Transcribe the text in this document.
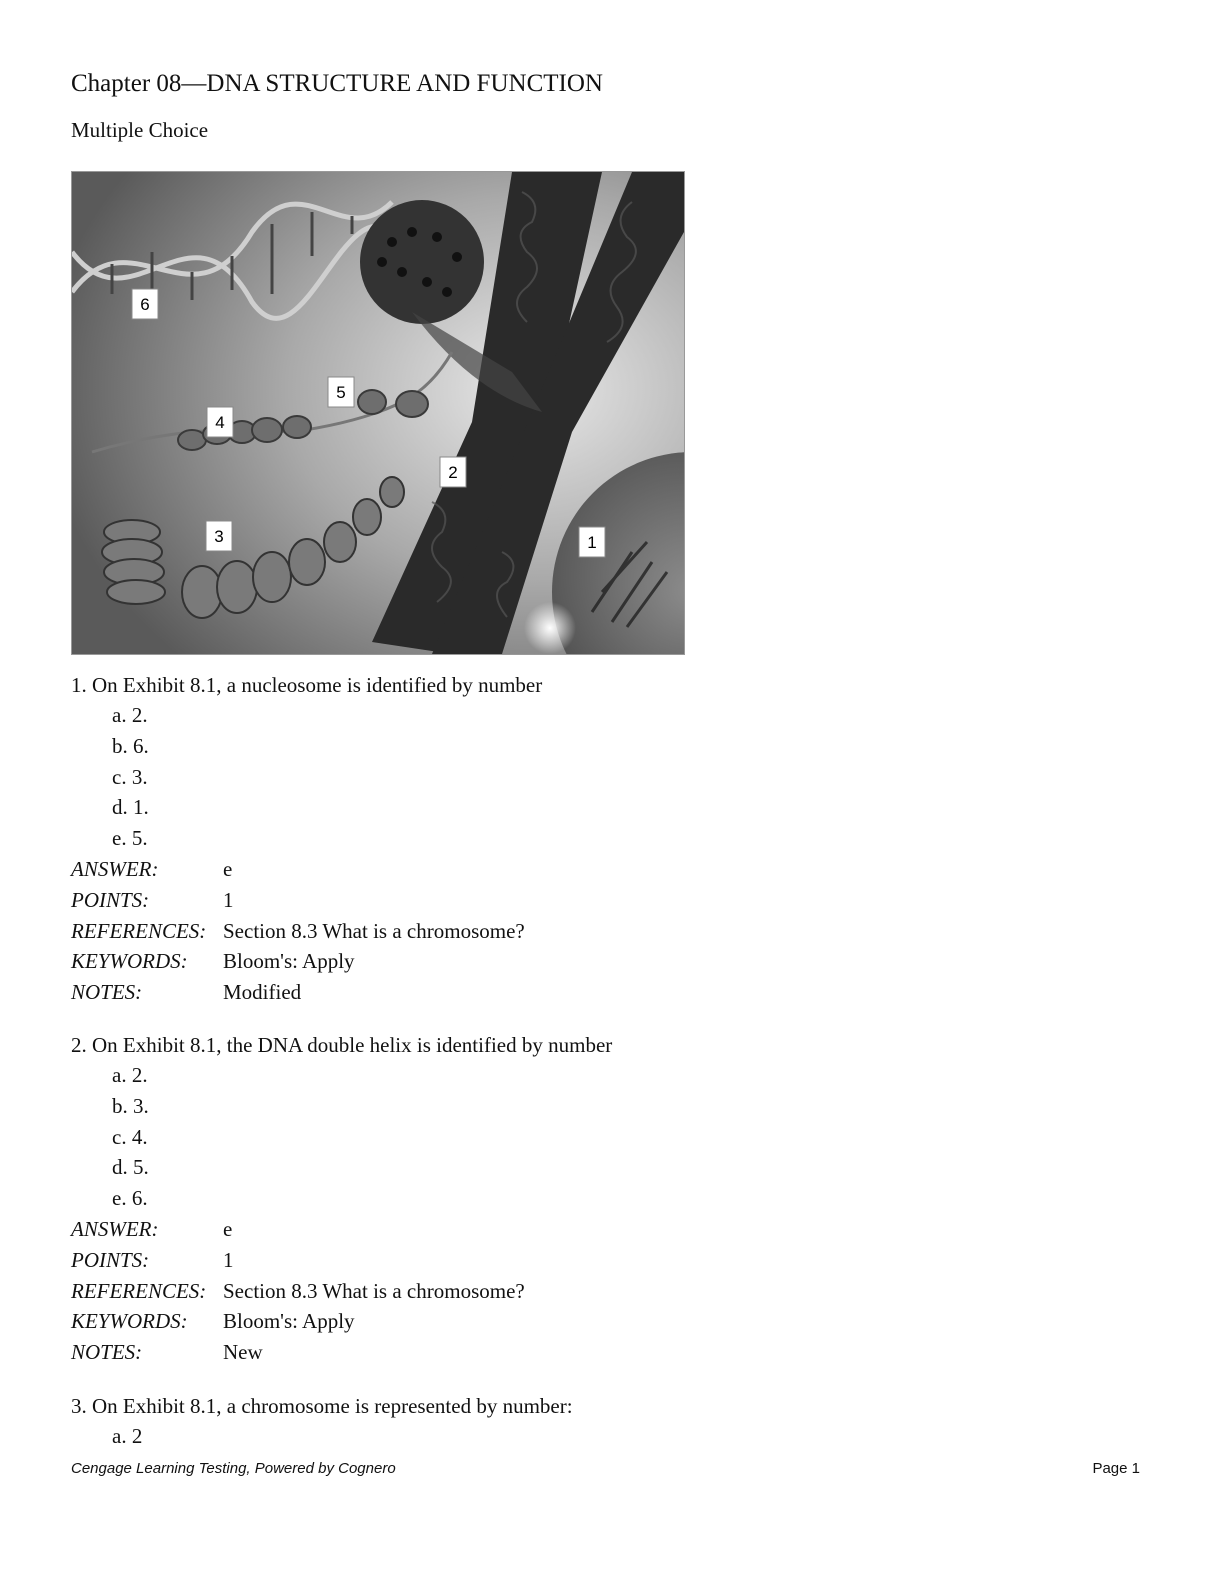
Chapter 08—DNA STRUCTURE AND FUNCTION
Multiple Choice
6
5
4
3
2
1
1. On Exhibit 8.1, a nucleosome is identified by number
a. 2.
b. 6.
c. 3.
d. 1.
e. 5.
ANSWER:	e
POINTS:	1
REFERENCES: Section 8.3 What is a chromosome?
KEYWORDS:	Bloom's: Apply
NOTES:	Modified
2. On Exhibit 8.1, the DNA double helix is identified by number
a. 2.
b. 3.
c. 4.
d. 5.
e. 6.
ANSWER:	e
POINTS:	1
REFERENCES: Section 8.3 What is a chromosome?
KEYWORDS:	Bloom's: Apply
NOTES:	New
3. On Exhibit 8.1, a chromosome is represented by number:
a. 2
Cengage Learning Testing, Powered by Cognero	Page 1
